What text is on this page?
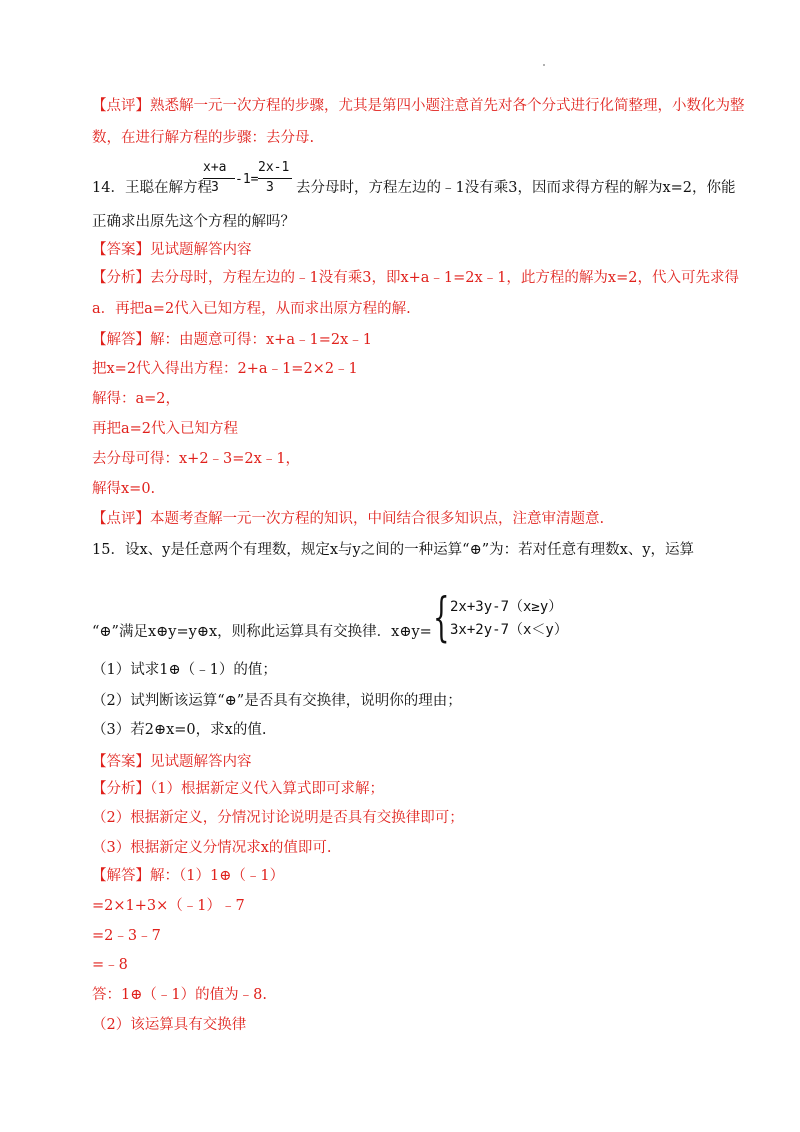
【点评】熟悉解一元一次方程的步骤，尤其是第四小题注意首先对各个分式进行化简整理，小数化为整
数，在进行解方程的步骤：去分母.
14．王聪在解方程
x+a
3
-1=
2x-1
3 去分母时，方程左边的﹣1没有乘3，因而求得方程的解为x=2，你能
正确求出原先这个方程的解吗？
【答案】见试题解答内容
【分析】去分母时，方程左边的﹣1没有乘3，即x+a﹣1=2x﹣1，此方程的解为x=2，代入可先求得
a．再把a=2代入已知方程，从而求出原方程的解.
【解答】解：由题意可得：x+a﹣1=2x﹣1
把x=2代入得出方程：2+a﹣1=2×2﹣1
解得：a=2，
再把a=2代入已知方程
去分母可得：x+2﹣3=2x﹣1，
解得x=0.
【点评】本题考查解一元一次方程的知识，中间结合很多知识点，注意审清题意.
15．设x、y是任意两个有理数，规定x与y之间的一种运算“⊕”为：若对任意有理数x、y，运算
“⊕”满足x⊕y=y⊕x，则称此运算具有交换律．x⊕y= { 2x+3y-7（x≥y）
3x+2y-7（x＜y）
（1）试求1⊕（﹣1）的值；
（2）试判断该运算“⊕”是否具有交换律，说明你的理由；
（3）若2⊕x=0，求x的值.
【答案】见试题解答内容
【分析】（1）根据新定义代入算式即可求解；
（2）根据新定义，分情况讨论说明是否具有交换律即可；
（3）根据新定义分情况求x的值即可.
【解答】解：（1）1⊕（﹣1）
=2×1+3×（﹣1）﹣7
=2﹣3﹣7
=﹣8
答：1⊕（﹣1）的值为﹣8.
（2）该运算具有交换律
